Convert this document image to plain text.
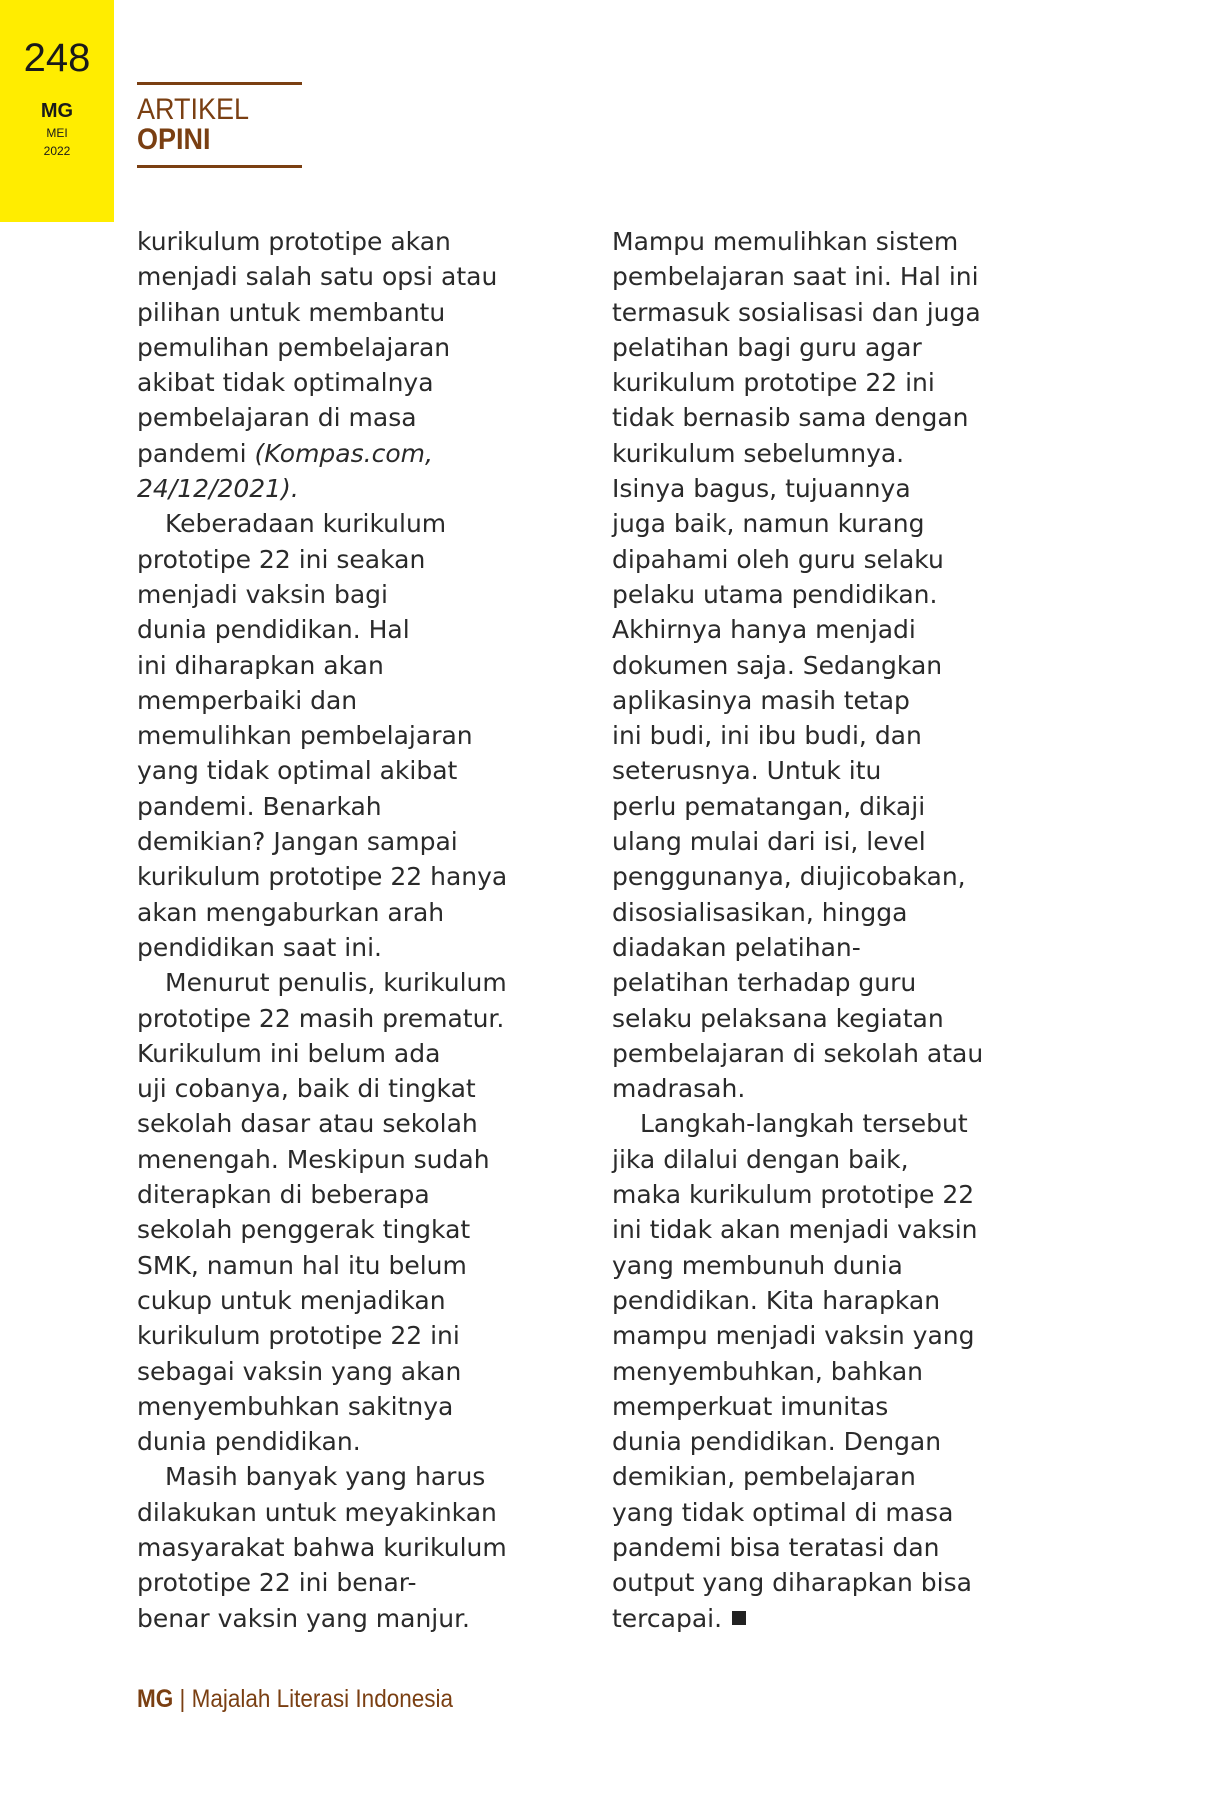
248
MG
MEI
2022
ARTIKEL
OPINI
kurikulum prototipe akan
menjadi salah satu opsi atau
pilihan untuk membantu
pemulihan pembelajaran
akibat tidak optimalnya
pembelajaran di masa
pandemi (Kompas.com,
24/12/2021).
Keberadaan kurikulum
prototipe 22 ini seakan
menjadi vaksin bagi
dunia pendidikan. Hal
ini diharapkan akan
memperbaiki dan
memulihkan pembelajaran
yang tidak optimal akibat
pandemi. Benarkah
demikian? Jangan sampai
kurikulum prototipe 22 hanya
akan mengaburkan arah
pendidikan saat ini.
Menurut penulis, kurikulum
prototipe 22 masih prematur.
Kurikulum ini belum ada
uji cobanya, baik di tingkat
sekolah dasar atau sekolah
menengah. Meskipun sudah
diterapkan di beberapa
sekolah penggerak tingkat
SMK, namun hal itu belum
cukup untuk menjadikan
kurikulum prototipe 22 ini
sebagai vaksin yang akan
menyembuhkan sakitnya
dunia pendidikan.
Masih banyak yang harus
dilakukan untuk meyakinkan
masyarakat bahwa kurikulum
prototipe 22 ini benar-
benar vaksin yang manjur.
Mampu memulihkan sistem
pembelajaran saat ini. Hal ini
termasuk sosialisasi dan juga
pelatihan bagi guru agar
kurikulum prototipe 22 ini
tidak bernasib sama dengan
kurikulum sebelumnya.
Isinya bagus, tujuannya
juga baik, namun kurang
dipahami oleh guru selaku
pelaku utama pendidikan.
Akhirnya hanya menjadi
dokumen saja. Sedangkan
aplikasinya masih tetap
ini budi, ini ibu budi, dan
seterusnya. Untuk itu
perlu pematangan, dikaji
ulang mulai dari isi, level
penggunanya, diujicobakan,
disosialisasikan, hingga
diadakan pelatihan-
pelatihan terhadap guru
selaku pelaksana kegiatan
pembelajaran di sekolah atau
madrasah.
Langkah-langkah tersebut
jika dilalui dengan baik,
maka kurikulum prototipe 22
ini tidak akan menjadi vaksin
yang membunuh dunia
pendidikan. Kita harapkan
mampu menjadi vaksin yang
menyembuhkan, bahkan
memperkuat imunitas
dunia pendidikan. Dengan
demikian, pembelajaran
yang tidak optimal di masa
pandemi bisa teratasi dan
output yang diharapkan bisa
tercapai.
MG | Majalah Literasi Indonesia
